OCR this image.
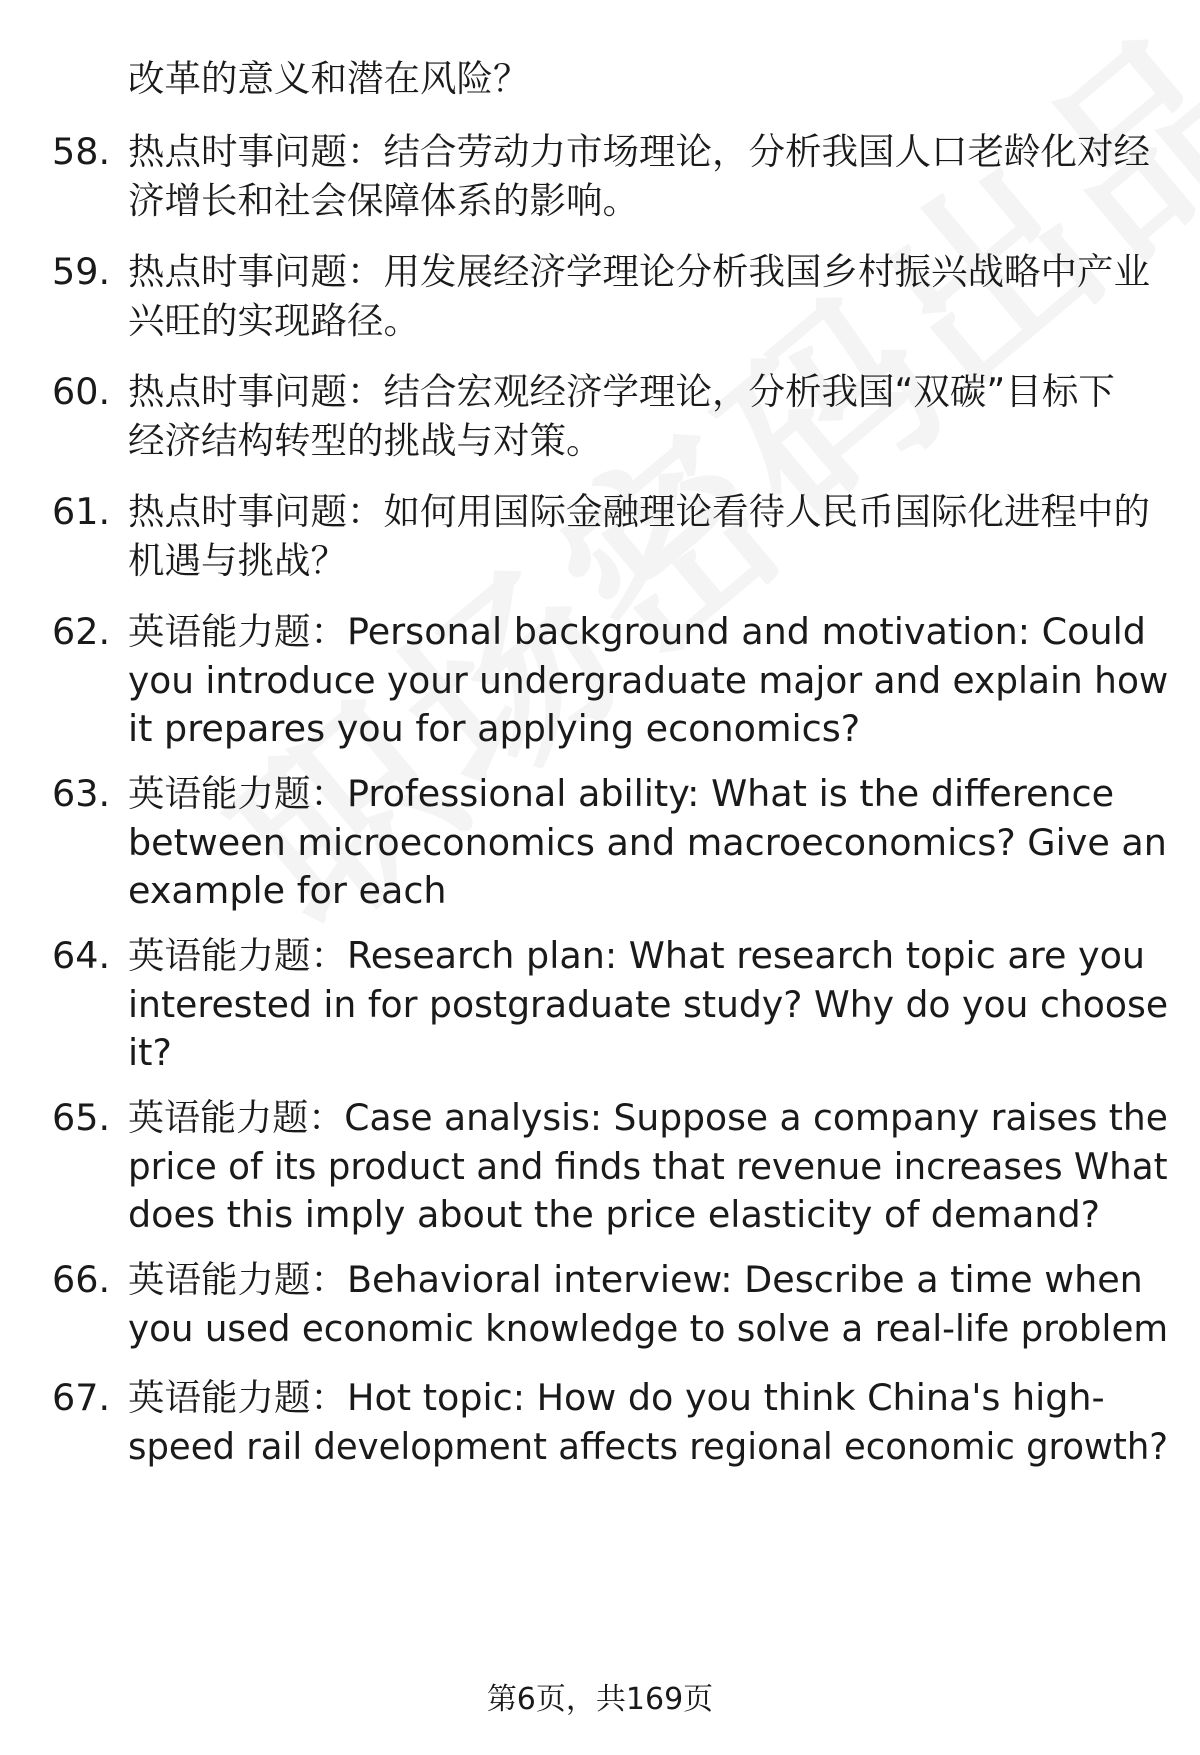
改革的意义和潜在风险？
58. 热点时事问题：结合劳动力市场理论，分析我国人口老龄化对经
济增长和社会保障体系的影响。
59. 热点时事问题：用发展经济学理论分析我国乡村振兴战略中产业
兴旺的实现路径。
60. 热点时事问题：结合宏观经济学理论，分析我国“双碳”目标下
经济结构转型的挑战与对策。
61. 热点时事问题：如何用国际金融理论看待人民币国际化进程中的
机遇与挑战？
62. 英语能力题：Personal background and motivation: Could
you introduce your undergraduate major and explain how
it prepares you for applying economics?
63. 英语能力题：Professional ability: What is the difference
between microeconomics and macroeconomics? Give an
example for each
64. 英语能力题：Research plan: What research topic are you
interested in for postgraduate study? Why do you choose
it?
65. 英语能力题：Case analysis: Suppose a company raises the
price of its product and finds that revenue increases What
does this imply about the price elasticity of demand?
66. 英语能力题：Behavioral interview: Describe a time when
you used economic knowledge to solve a real-life problem
67. 英语能力题：Hot topic: How do you think China's high-
speed rail development affects regional economic growth?
第6页，共169页
